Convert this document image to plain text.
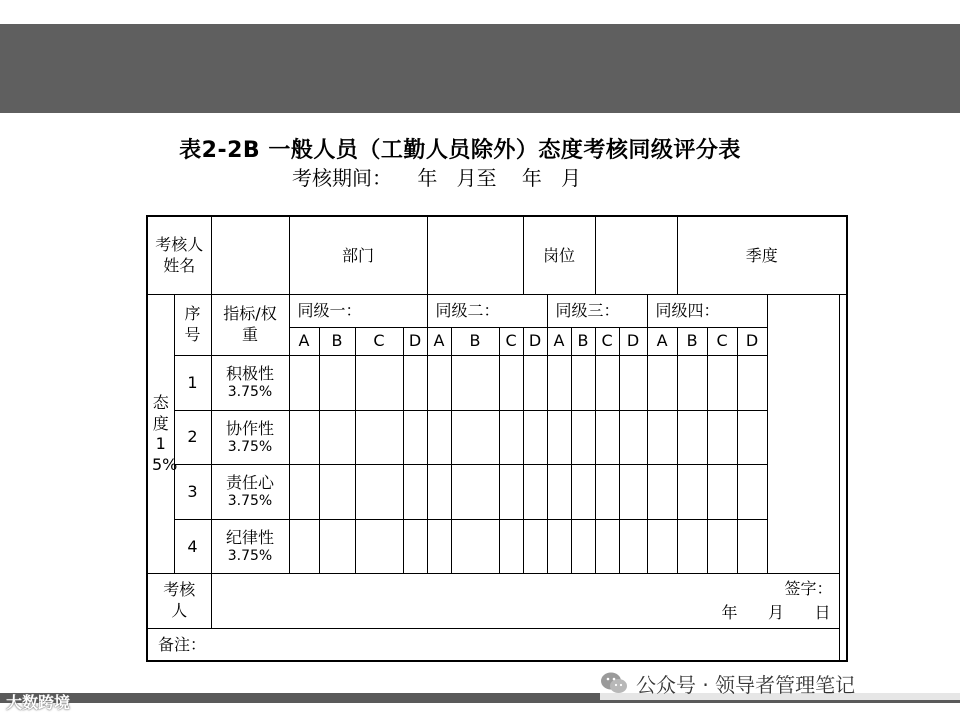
表2-2B 一般人员（工勤人员除外）态度考核同级评分表
考核期间：    年   月至    年   月
考核人姓名			部门							岗位						季度			
态度15%	序号	指标/权重	同级一：				同级二：				同级三：				同级四：				
			A	B	C	D	A	B	C	D	A	B	C	D	A	B	C	D	
	1	积极性
3.75%																	

	2	协作性
3.75%																	

	3	责任心
3.75%																	

	4	纪律性
3.75%																	

考核人		签字：
年      月      日																	

备注：																			
大数跨境
公众号 · 领导者管理笔记
